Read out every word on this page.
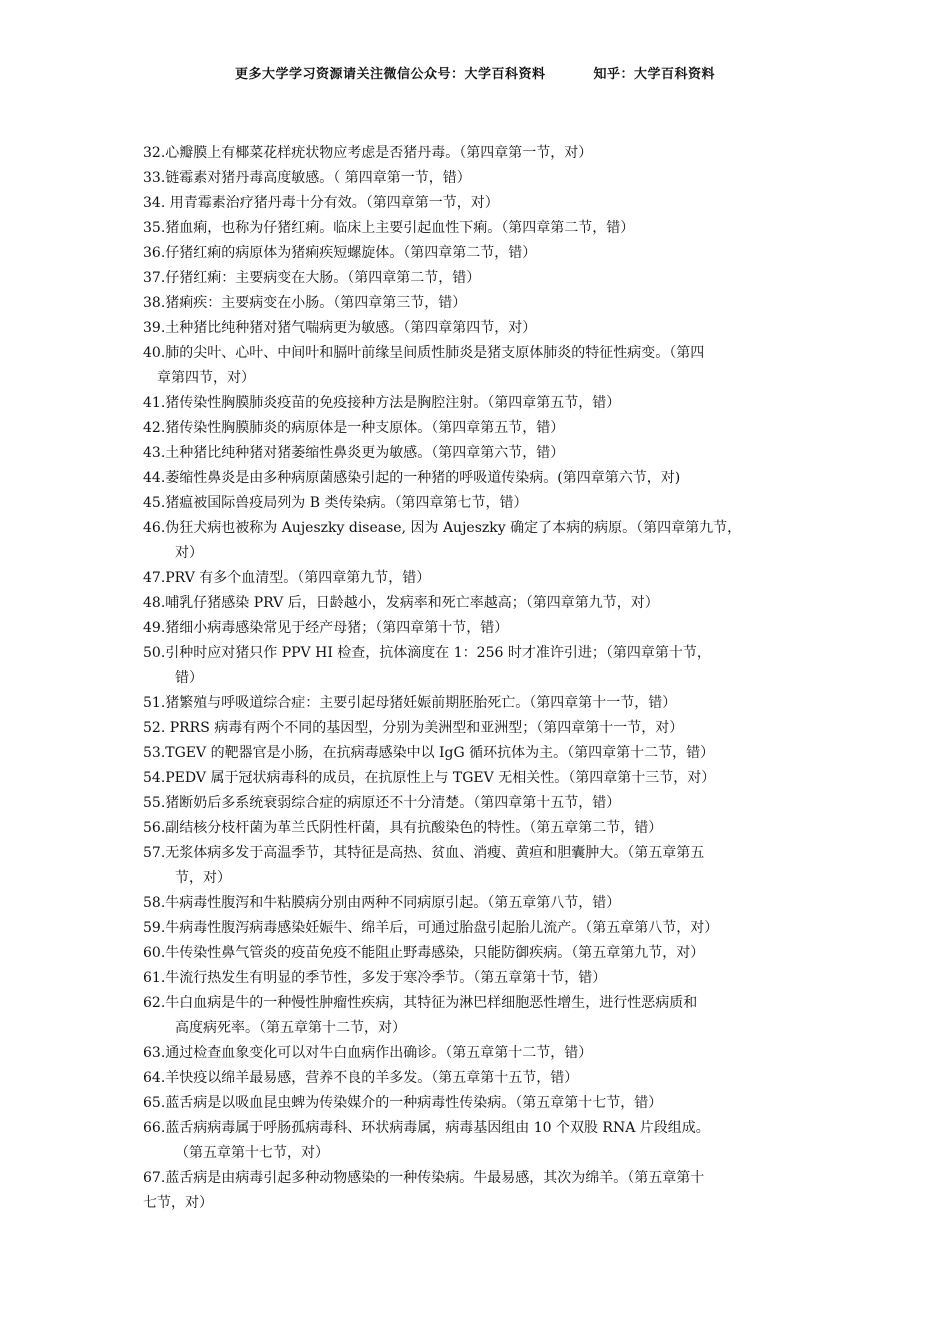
更多大学学习资源请关注微信公众号：大学百科资料	知乎：大学百科资料

32.心瓣膜上有椰菜花样疣状物应考虑是否猪丹毒。（第四章第一节，对）

33.链霉素对猪丹毒高度敏感。（ 第四章第一节，错）

34. 用青霉素治疗猪丹毒十分有效。（第四章第一节，对）

35.猪血痢，也称为仔猪红痢。临床上主要引起血性下痢。（第四章第二节，错）

36.仔猪红痢的病原体为猪痢疾短螺旋体。（第四章第二节，错）

37.仔猪红痢：主要病变在大肠。（第四章第二节，错）

38.猪痢疾：主要病变在小肠。（第四章第三节，错）

39.土种猪比纯种猪对猪气喘病更为敏感。（第四章第四节，对）

40.肺的尖叶、心叶、中间叶和膈叶前缘呈间质性肺炎是猪支原体肺炎的特征性病变。（第四
章第四节，对）

41.猪传染性胸膜肺炎疫苗的免疫接种方法是胸腔注射。（第四章第五节，错）

42.猪传染性胸膜肺炎的病原体是一种支原体。（第四章第五节，错）

43.土种猪比纯种猪对猪萎缩性鼻炎更为敏感。（第四章第六节，错）

44.萎缩性鼻炎是由多种病原菌感染引起的一种猪的呼吸道传染病。(第四章第六节，对)

45.猪瘟被国际兽疫局列为 B 类传染病。（第四章第七节，错）

46.伪狂犬病也被称为 Aujeszky disease, 因为 Aujeszky 确定了本病的病原。（第四章第九节，
对）

47.PRV 有多个血清型。（第四章第九节，错）

48.哺乳仔猪感染 PRV 后，日龄越小，发病率和死亡率越高；（第四章第九节，对）

49.猪细小病毒感染常见于经产母猪；（第四章第十节，错）

50.引种时应对猪只作 PPV HI 检查，抗体滴度在 1：256 时才准许引进；（第四章第十节，
错）

51.猪繁殖与呼吸道综合症：主要引起母猪妊娠前期胚胎死亡。（第四章第十一节，错）

52. PRRS 病毒有两个不同的基因型，分别为美洲型和亚洲型；（第四章第十一节，对）

53.TGEV 的靶器官是小肠，在抗病毒感染中以 IgG 循环抗体为主。（第四章第十二节，错）

54.PEDV 属于冠状病毒科的成员，在抗原性上与 TGEV 无相关性。（第四章第十三节，对）

55.猪断奶后多系统衰弱综合症的病原还不十分清楚。（第四章第十五节，错）

56.副结核分枝杆菌为革兰氏阴性杆菌，具有抗酸染色的特性。（第五章第二节，错）

57.无浆体病多发于高温季节，其特征是高热、贫血、消瘦、黄疸和胆囊肿大。（第五章第五
节，对）

58.牛病毒性腹泻和牛粘膜病分别由两种不同病原引起。（第五章第八节，错）

59.牛病毒性腹泻病毒感染妊娠牛、绵羊后，可通过胎盘引起胎儿流产。（第五章第八节，对）

60.牛传染性鼻气管炎的疫苗免疫不能阻止野毒感染，只能防御疾病。（第五章第九节，对）

61.牛流行热发生有明显的季节性，多发于寒冷季节。（第五章第十节，错）

62.牛白血病是牛的一种慢性肿瘤性疾病，其特征为淋巴样细胞恶性增生，进行性恶病质和
高度病死率。（第五章第十二节，对）

63.通过检查血象变化可以对牛白血病作出确诊。（第五章第十二节，错）

64.羊快疫以绵羊最易感，营养不良的羊多发。（第五章第十五节，错）

65.蓝舌病是以吸血昆虫蜱为传染媒介的一种病毒性传染病。（第五章第十七节，错）

66.蓝舌病病毒属于呼肠孤病毒科、环状病毒属，病毒基因组由 10 个双股 RNA 片段组成。
（第五章第十七节，对）

67.蓝舌病是由病毒引起多种动物感染的一种传染病。牛最易感，其次为绵羊。（第五章第十
七节，对）
